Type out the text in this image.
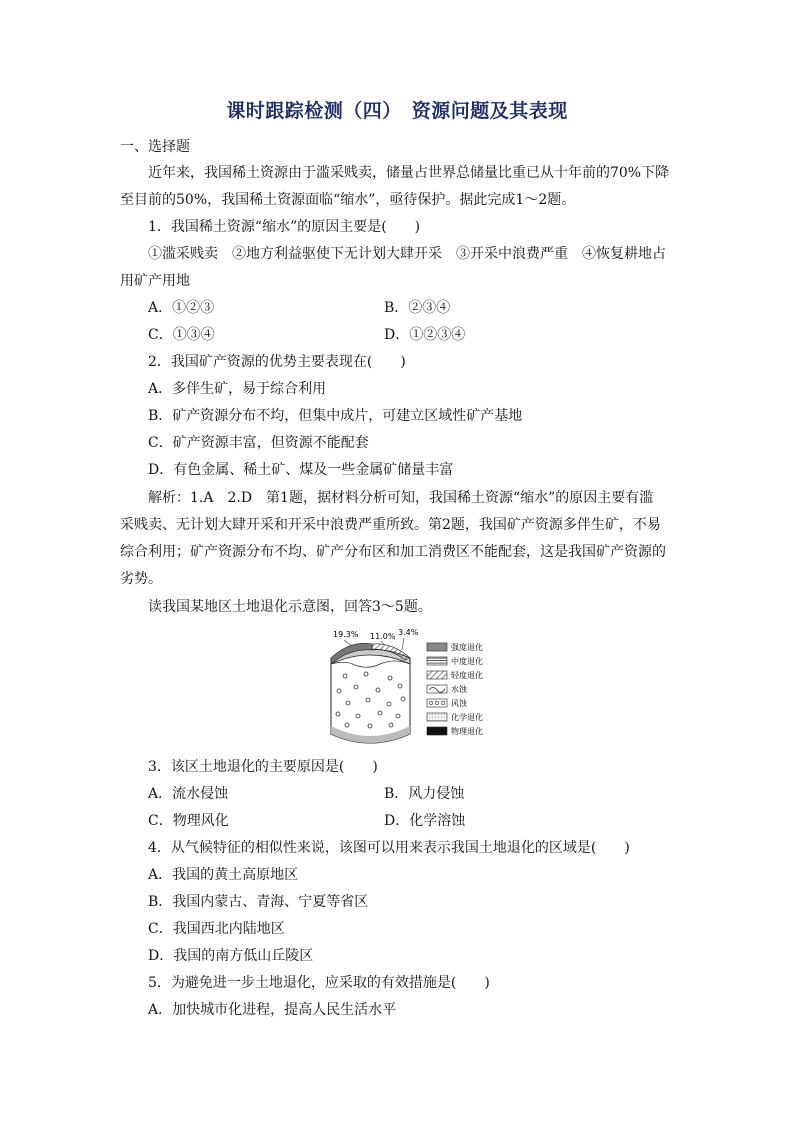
课时跟踪检测（四）　资源问题及其表现
一、选择题
近年来，我国稀土资源由于滥采贱卖，储量占世界总储量比重已从十年前的70%下降
至目前的50%，我国稀土资源面临“缩水”，亟待保护。据此完成1～2题。
1．我国稀土资源“缩水”的原因主要是(　　)
①滥采贱卖　②地方利益驱使下无计划大肆开采　③开采中浪费严重　④恢复耕地占
用矿产用地
A．①②③	B．②③④
C．①③④	D．①②③④
2．我国矿产资源的优势主要表现在(　　)
A．多伴生矿，易于综合利用
B．矿产资源分布不均，但集中成片，可建立区域性矿产基地
C．矿产资源丰富，但资源不能配套
D．有色金属、稀土矿、煤及一些金属矿储量丰富
解析：1.A　2.D　第1题，据材料分析可知，我国稀土资源“缩水”的原因主要有滥
采贱卖、无计划大肆开采和开采中浪费严重所致。第2题，我国矿产资源多伴生矿，不易
综合利用；矿产资源分布不均、矿产分布区和加工消费区不能配套，这是我国矿产资源的
劣势。
读我国某地区土地退化示意图，回答3～5题。
19.3% 11.0% 3.4%
强度退化
中度退化
轻度退化
水蚀
风蚀
化学退化
物理退化
3．该区土地退化的主要原因是(　　)
A．流水侵蚀	B．风力侵蚀
C．物理风化	D．化学溶蚀
4．从气候特征的相似性来说，该图可以用来表示我国土地退化的区域是(　　)
A．我国的黄土高原地区
B．我国内蒙古、青海、宁夏等省区
C．我国西北内陆地区
D．我国的南方低山丘陵区
5．为避免进一步土地退化，应采取的有效措施是(　　)
A．加快城市化进程，提高人民生活水平
